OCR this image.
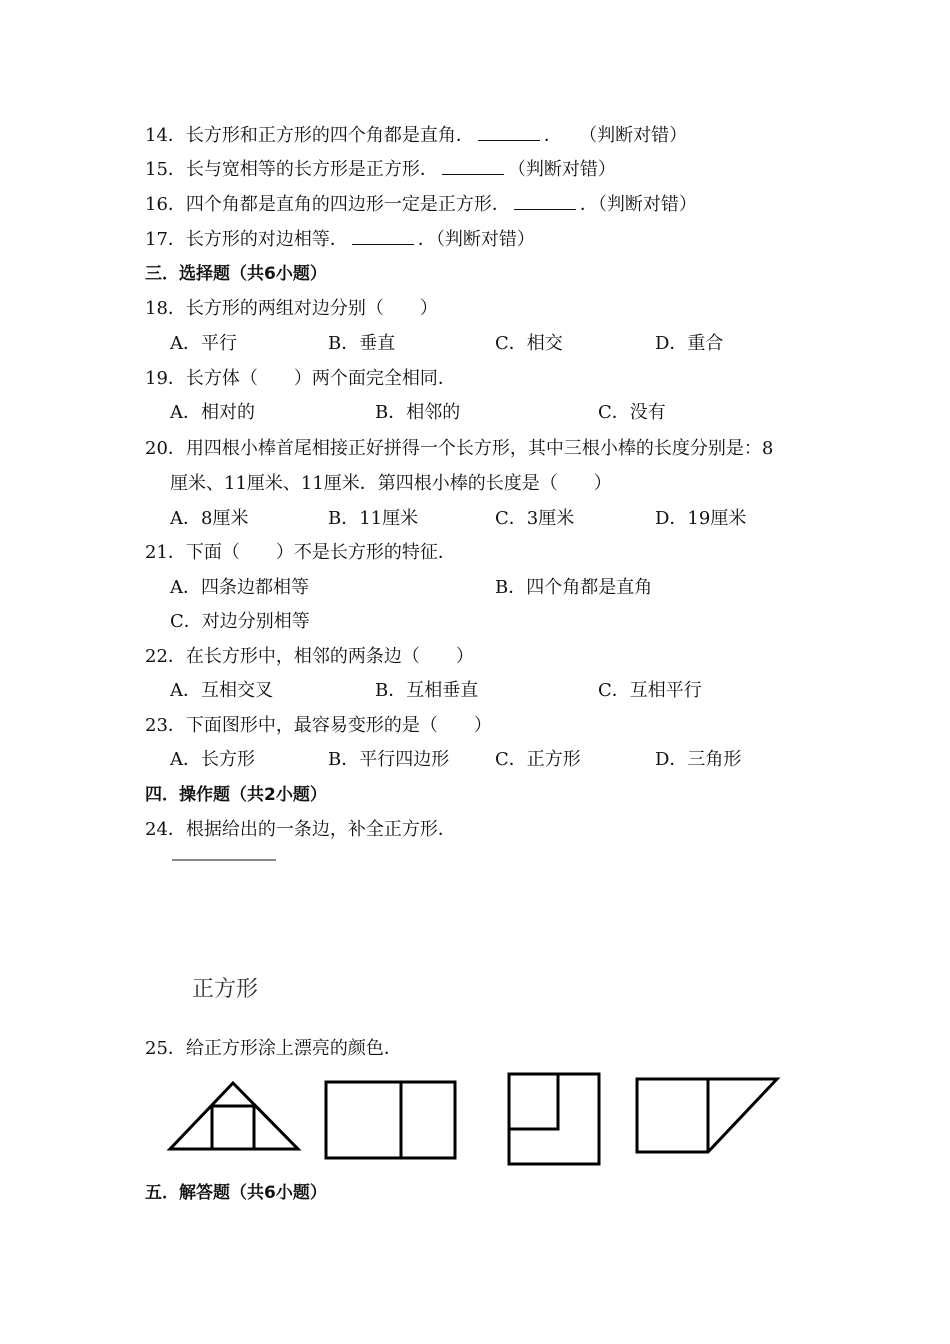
14．长方形和正方形的四个角都是直角．	． （判断对错）
15．长与宽相等的长方形是正方形．	（判断对错）
16．四个角都是直角的四边形一定是正方形．	．（判断对错）
17．长方形的对边相等．	．（判断对错）
三．选择题（共6小题）
18．长方形的两组对边分别（　　）
A．平行	B．垂直	C．相交	D．重合
19．长方体（　　）两个面完全相同．
A．相对的	B．相邻的	C．没有
20．用四根小棒首尾相接正好拼得一个长方形，其中三根小棒的长度分别是：8
厘米、11厘米、11厘米．第四根小棒的长度是（　　）
A．8厘米	B．11厘米	C．3厘米	D．19厘米
21．下面（　　）不是长方形的特征．
A．四条边都相等	B．四个角都是直角
C．对边分别相等
22．在长方形中，相邻的两条边（　　）
A．互相交叉	B．互相垂直	C．互相平行
23．下面图形中，最容易变形的是（　　）
A．长方形	B．平行四边形	C．正方形	D．三角形
四．操作题（共2小题）
24．根据给出的一条边，补全正方形．
正方形
25．给正方形涂上漂亮的颜色．
五．解答题（共6小题）
